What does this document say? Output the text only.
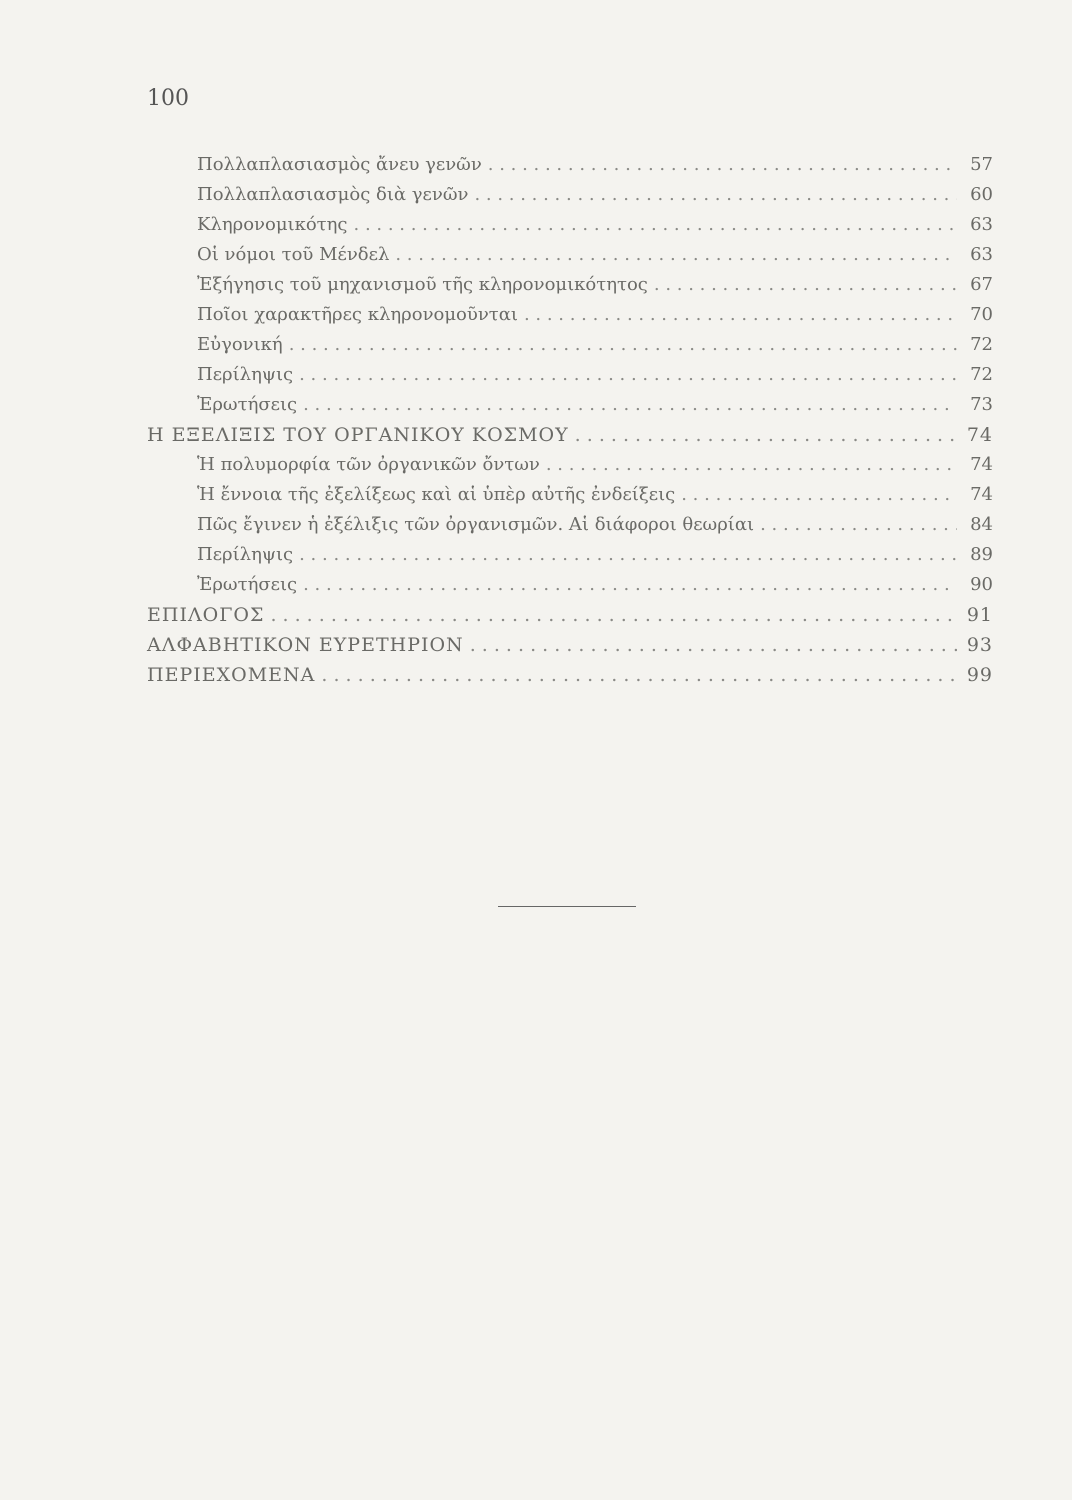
100
Πολλαπλασιασμὸς ἄνευ γενῶν . . .	57
Πολλαπλασιασμὸς διὰ γενῶν . . .	60
Κληρονομικότης . . .	63
Οἱ νόμοι τοῦ Μένδελ . . .	63
Ἐξήγησις τοῦ μηχανισμοῦ τῆς κληρονομικότητος . . .	67
Ποῖοι χαρακτῆρες κληρονομοῦνται . . .	70
Εὐγονική . . .	72
Περίληψις . . .	72
Ἐρωτήσεις . . .	73
Η ΕΞΕΛΙΞΙΣ ΤΟΥ ΟΡΓΑΝΙΚΟΥ ΚΟΣΜΟΥ . . .	74
Ἡ πολυμορφία τῶν ὀργανικῶν ὄντων . . .	74
Ἡ ἔννοια τῆς ἐξελίξεως καὶ αἱ ὑπὲρ αὐτῆς ἐνδείξεις . . .	74
Πῶς ἔγινεν ἡ ἐξέλιξις τῶν ὀργανισμῶν. Αἱ διάφοροι θεωρίαι . . .	84
Περίληψις . . .	89
Ἐρωτήσεις . . .	90
ΕΠΙΛΟΓΟΣ . . .	91
ΑΛΦΑΒΗΤΙΚΟΝ ΕΥΡΕΤΗΡΙΟΝ . . .	93
ΠΕΡΙΕΧΟΜΕΝΑ . . .	99
